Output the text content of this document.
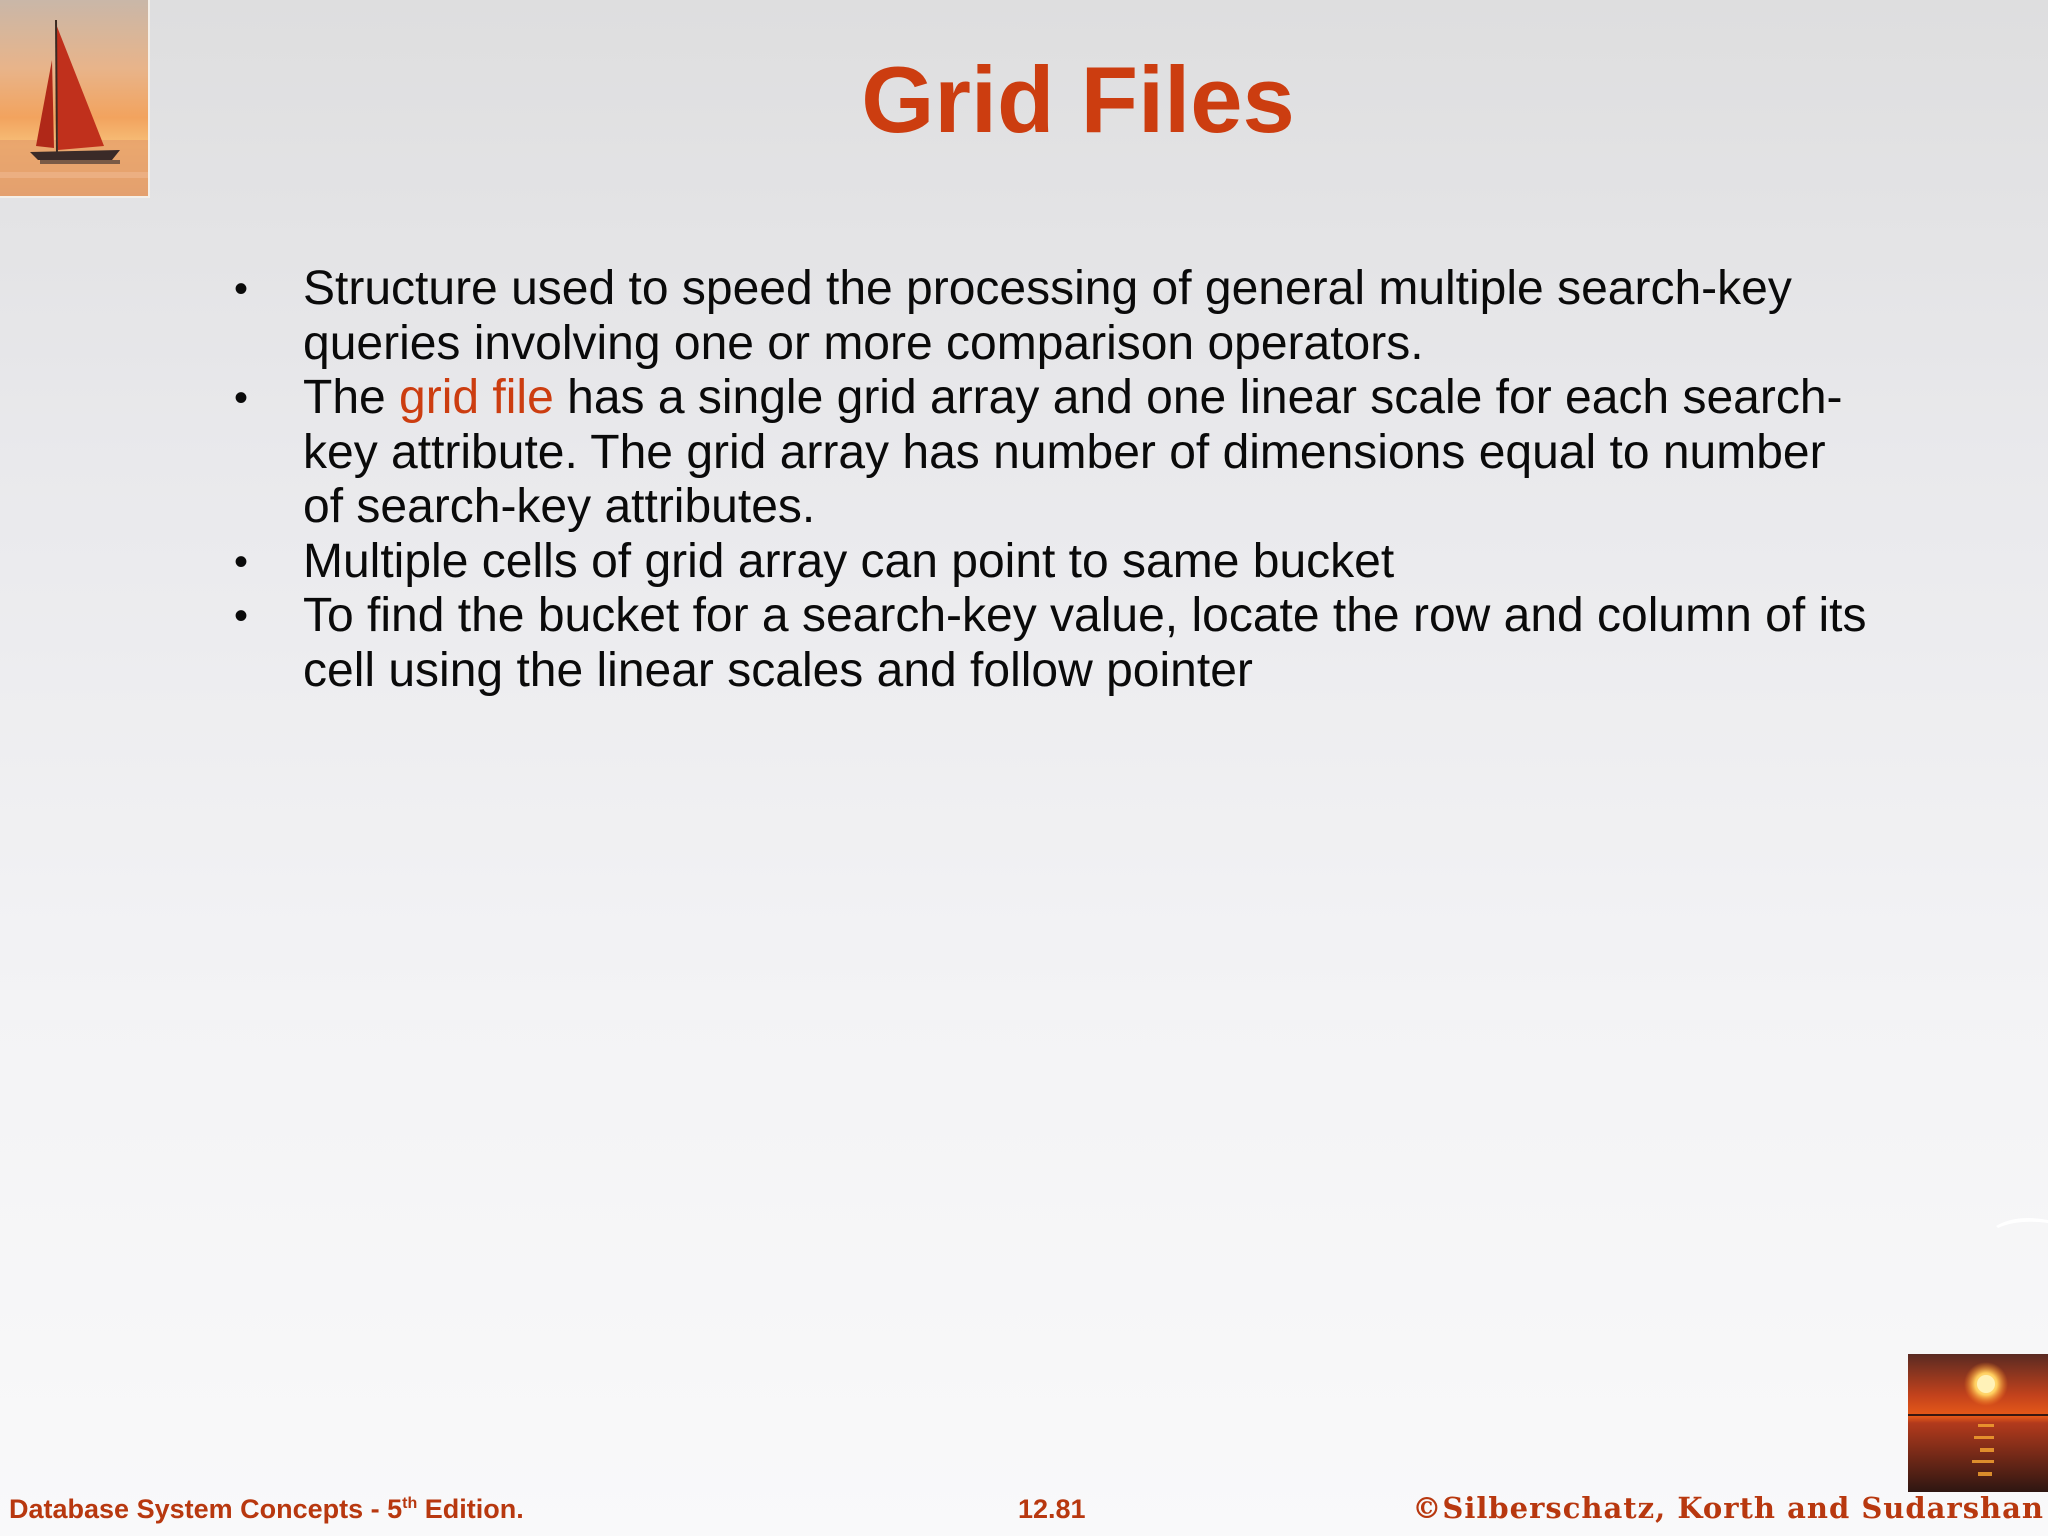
Grid Files
• Structure used to speed the processing of general multiple search-key queries involving one or more comparison operators.
• The grid file has a single grid array and one linear scale for each search-key attribute. The grid array has number of dimensions equal to number of search-key attributes.
• Multiple cells of grid array can point to same bucket
• To find the bucket for a search-key value, locate the row and column of its cell using the linear scales and follow pointer
Database System Concepts - 5th Edition.	12.81	©Silberschatz, Korth and Sudarshan
